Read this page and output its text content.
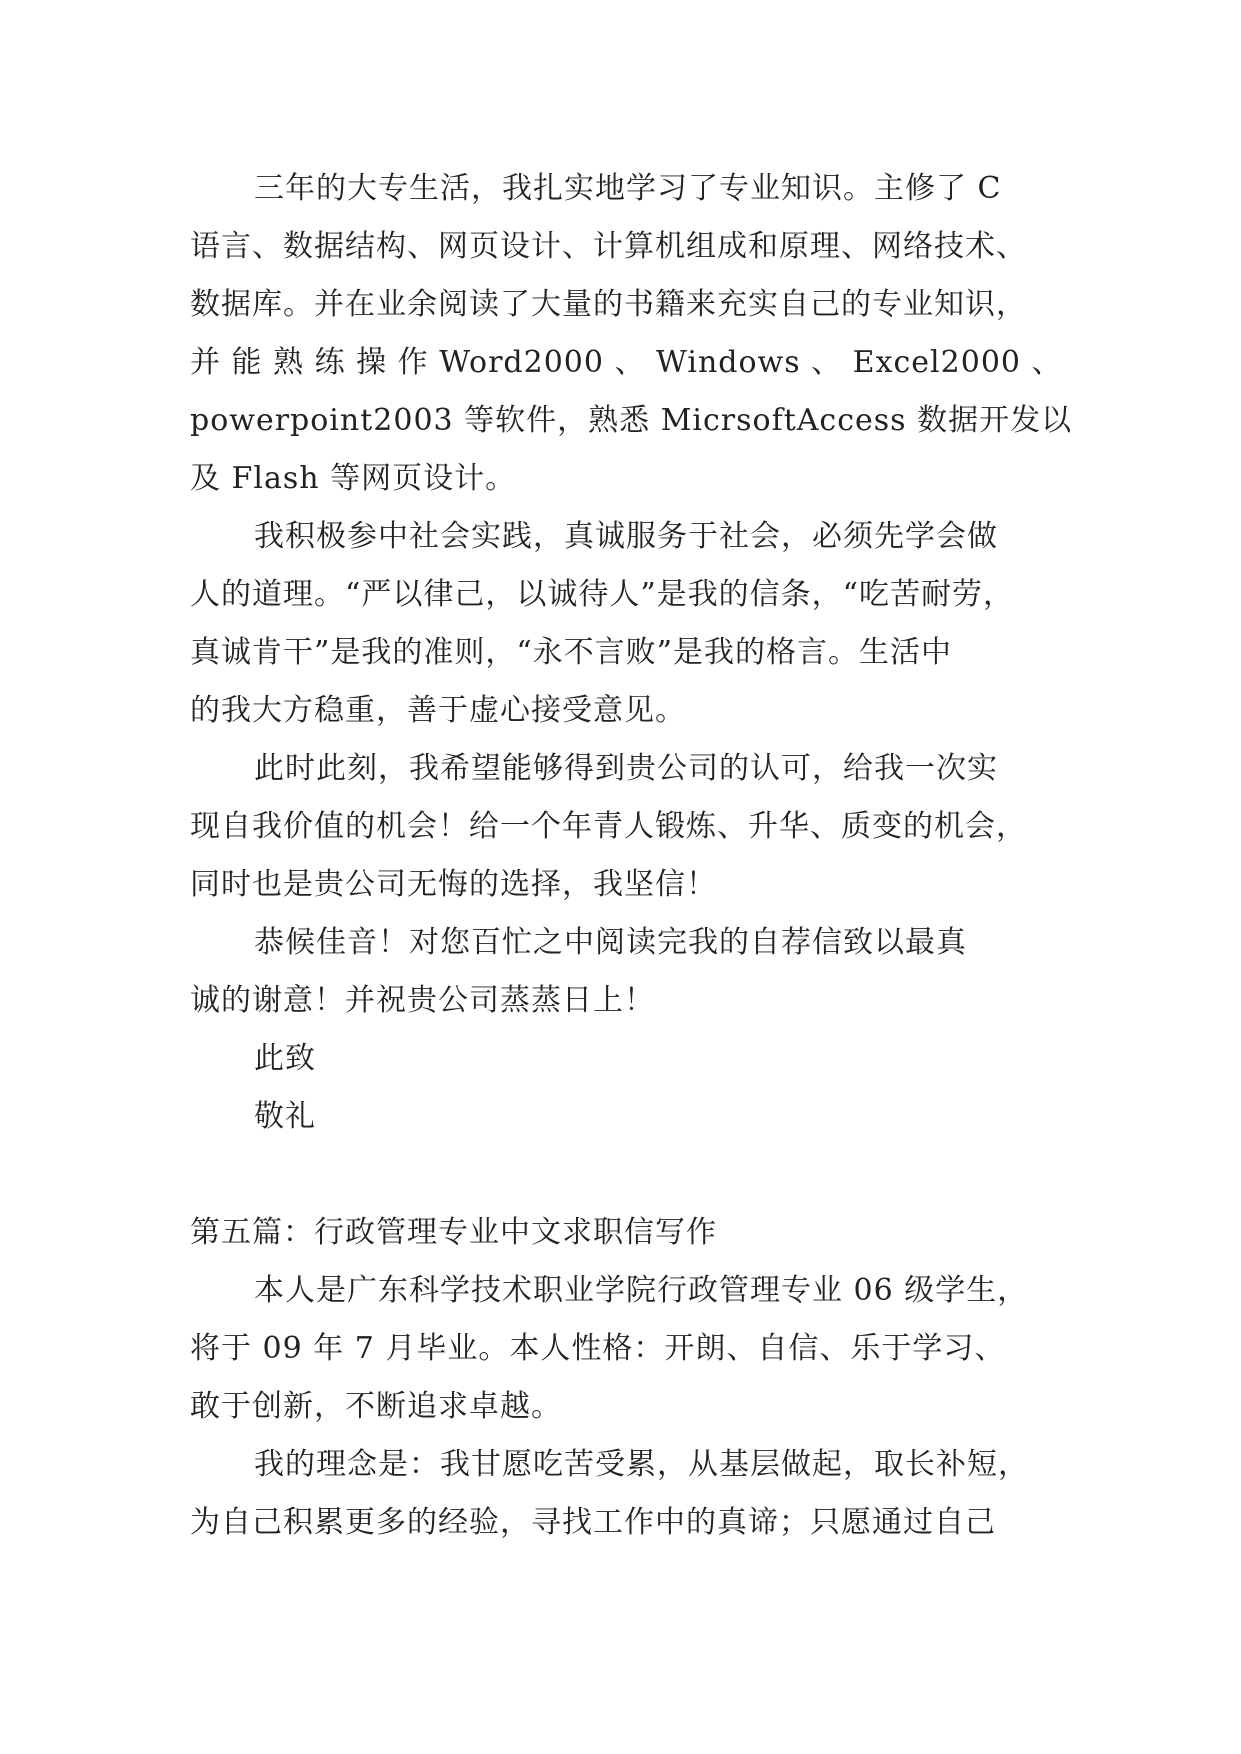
三年的大专生活，我扎实地学习了专业知识。主修了 C
语言、数据结构、网页设计、计算机组成和原理、网络技术、
数据库。并在业余阅读了大量的书籍来充实自己的专业知识，
并 能 熟 练 操 作 Word2000 、 Windows 、 Excel2000 、
powerpoint2003 等软件，熟悉 MicrsoftAccess 数据开发以
及 Flash 等网页设计。
我积极参中社会实践，真诚服务于社会，必须先学会做
人的道理。“严以律己，以诚待人”是我的信条，“吃苦耐劳，
真诚肯干”是我的准则，“永不言败”是我的格言。生活中
的我大方稳重，善于虚心接受意见。
此时此刻，我希望能够得到贵公司的认可，给我一次实
现自我价值的机会！给一个年青人锻炼、升华、质变的机会，
同时也是贵公司无悔的选择，我坚信！
恭候佳音！对您百忙之中阅读完我的自荐信致以最真
诚的谢意！并祝贵公司蒸蒸日上！
此致
敬礼
第五篇：行政管理专业中文求职信写作
本人是广东科学技术职业学院行政管理专业 06 级学生，
将于 09 年 7 月毕业。本人性格：开朗、自信、乐于学习、
敢于创新，不断追求卓越。
我的理念是：我甘愿吃苦受累，从基层做起，取长补短，
为自己积累更多的经验，寻找工作中的真谛；只愿通过自己
